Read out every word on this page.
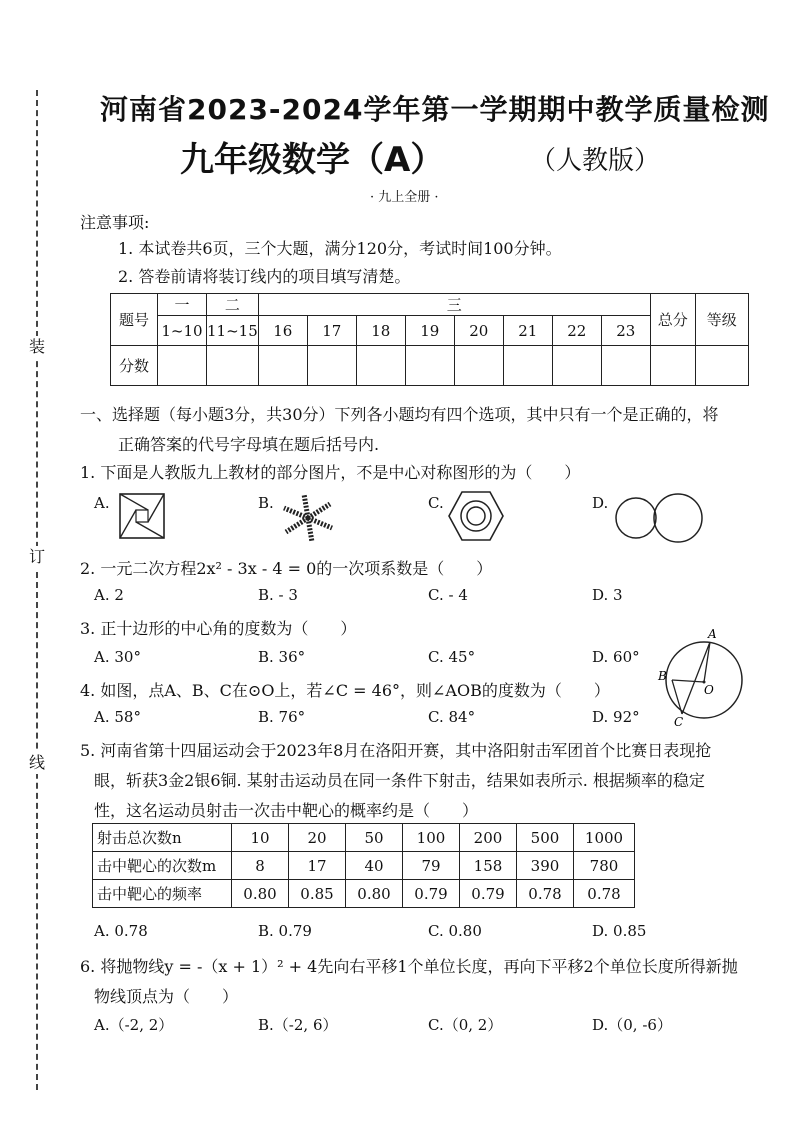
装
订
线
河南省2023-2024学年第一学期期中教学质量检测
九年级数学（A）	（人教版）
· 九上全册 ·
注意事项:
1. 本试卷共6页，三个大题，满分120分，考试时间100分钟。
2. 答卷前请将装订线内的项目填写清楚。
题号	一	二	三								总分	等级
	1~10	11~15	16	17	18	19	20	21	22	23		
分数												
一、选择题（每小题3分，共30分）下列各小题均有四个选项，其中只有一个是正确的，将
正确答案的代号字母填在题后括号内.
1. 下面是人教版九上教材的部分图片，不是中心对称图形的为（　　）
A.	B.	C.	D.
2. 一元二次方程2x² - 3x - 4 = 0的一次项系数是（　　）
A. 2	B. - 3	C. - 4	D. 3
3. 正十边形的中心角的度数为（　　）
A. 30°	B. 36°	C. 45°	D. 60°
4. 如图，点A、B、C在⊙O上，若∠C = 46°，则∠AOB的度数为（　　）
A. 58°	B. 76°	C. 84°	D. 92°
A
B
O
C
5. 河南省第十四届运动会于2023年8月在洛阳开赛，其中洛阳射击军团首个比赛日表现抢
眼，斩获3金2银6铜. 某射击运动员在同一条件下射击，结果如表所示. 根据频率的稳定
性，这名运动员射击一次击中靶心的概率约是（　　）
射击总次数n	10	20	50	100	200	500	1000
击中靶心的次数m	8	17	40	79	158	390	780
击中靶心的频率	0.80	0.85	0.80	0.79	0.79	0.78	0.78
A. 0.78	B. 0.79	C. 0.80	D. 0.85
6. 将抛物线y = -（x + 1）² + 4先向右平移1个单位长度，再向下平移2个单位长度所得新抛
物线顶点为（　　）
A.（-2, 2）	B.（-2, 6）	C.（0, 2）	D.（0, -6）
